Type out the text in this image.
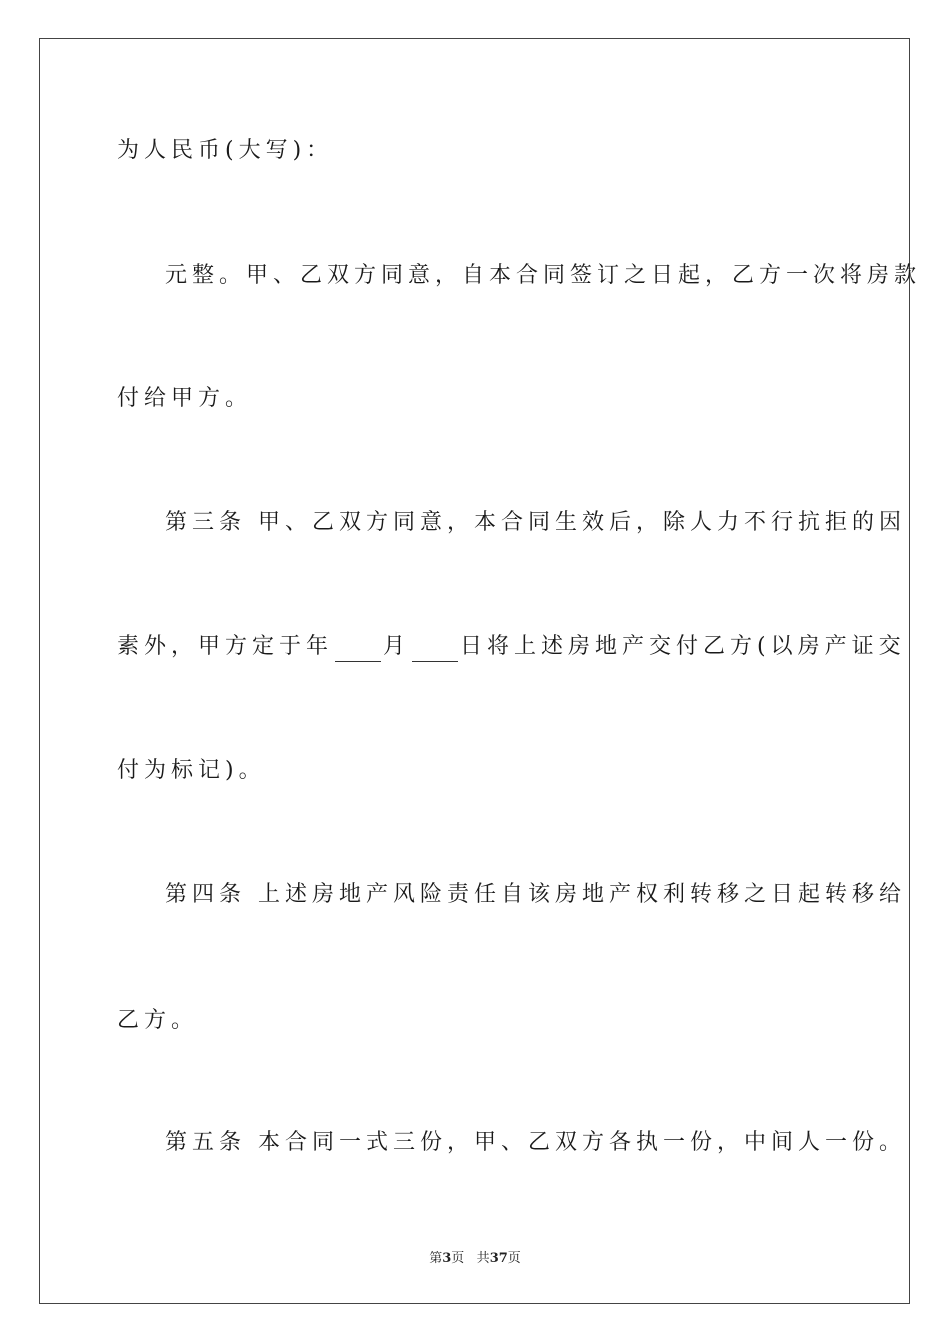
为人民币(大写)：
元整。甲、乙双方同意，自本合同签订之日起，乙方一次将房款
付给甲方。
第三条 甲、乙双方同意，本合同生效后，除人力不行抗拒的因
素外，甲方定于年 月 日将上述房地产交付乙方(以房产证交
付为标记)。
第四条 上述房地产风险责任自该房地产权利转移之日起转移给
乙方。
第五条 本合同一式三份，甲、乙双方各执一份，中间人一份。
第3页 共37页
